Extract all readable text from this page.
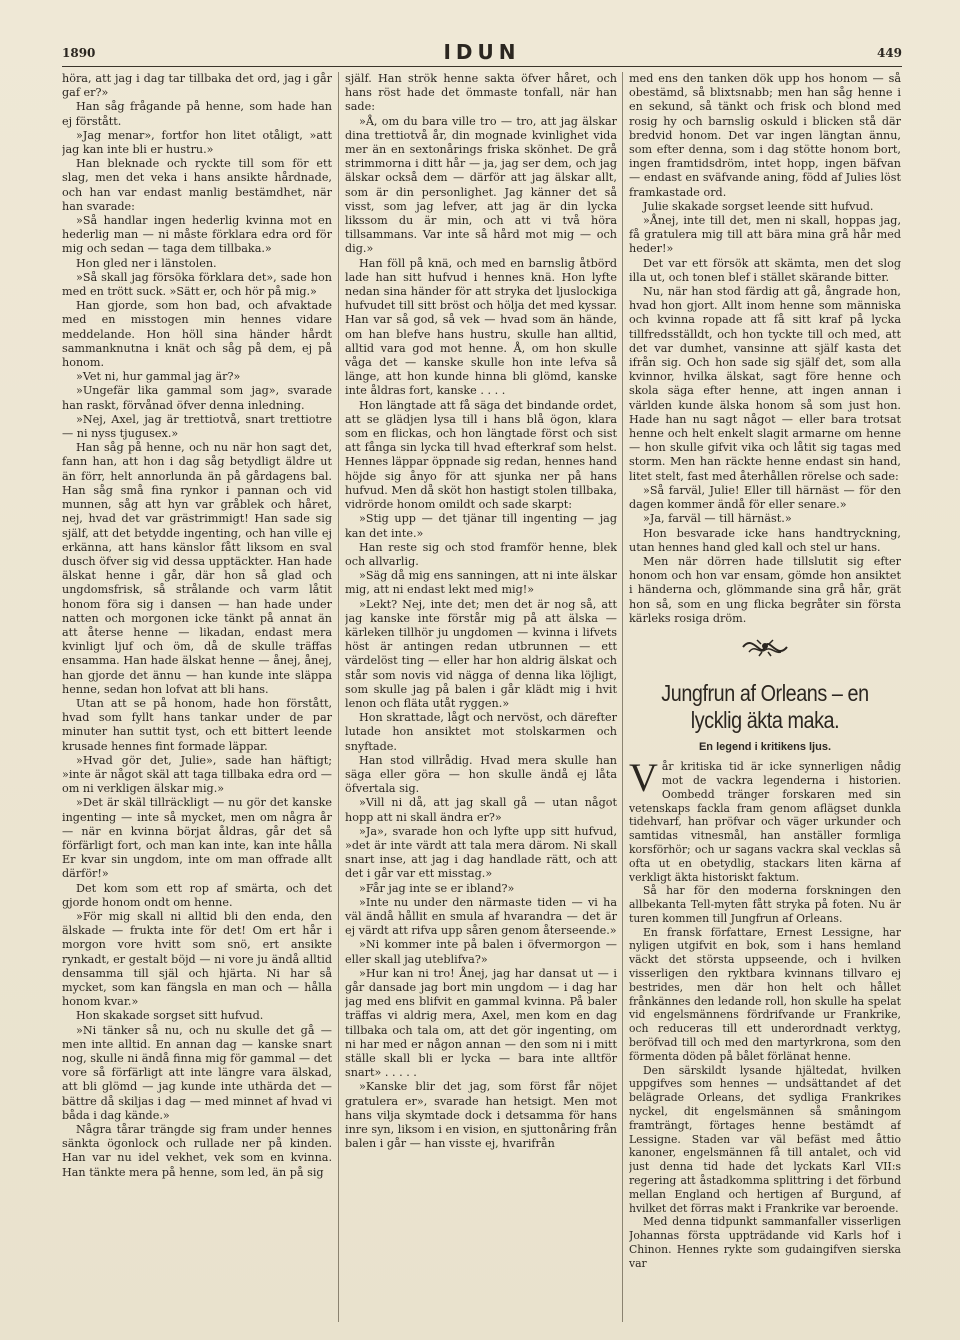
1890	IDUN	449

höra, att jag i dag tar tillbaka det ord, jag i går gaf er?»

Han såg frågande på henne, som hade han ej förstått.

»Jag menar», fortfor hon litet otåligt, »att jag kan inte bli er hustru.»

Han bleknade och ryckte till som för ett slag, men det veka i hans ansikte hårdnade, och han var endast manlig bestämdhet, när han svarade:

»Så handlar ingen hederlig kvinna mot en hederlig man — ni måste förklara edra ord för mig och sedan — taga dem tillbaka.»

Hon gled ner i länstolen.

»Så skall jag försöka förklara det», sade hon med en trött suck. »Sätt er, och hör på mig.»

Han gjorde, som hon bad, och afvaktade med en misstogen min hennes vidare meddelande. Hon höll sina händer hårdt sammanknutna i knät och såg på dem, ej på honom.

»Vet ni, hur gammal jag är?»

»Ungefär lika gammal som jag», svarade han raskt, förvånad öfver denna inledning.

»Nej, Axel, jag är trettiotvå, snart trettiotre — ni nyss tjugusex.»

Han såg på henne, och nu när hon sagt det, fann han, att hon i dag såg betydligt äldre ut än förr, helt annorlunda än på gårdagens bal. Han såg små fina rynkor i pannan och vid munnen, såg att hyn var gråblek och håret, nej, hvad det var grästrimmigt! Han sade sig själf, att det betydde ingenting, och han ville ej erkänna, att hans känslor fått liksom en sval dusch öfver sig vid dessa upptäckter. Han hade älskat henne i går, där hon så glad och ungdomsfrisk, så strålande och varm låtit honom föra sig i dansen — han hade under natten och morgonen icke tänkt på annat än att återse henne — likadan, endast mera kvinligt ljuf och öm, då de skulle träffas ensamma. Han hade älskat henne — ånej, ånej, han gjorde det ännu — han kunde inte släppa henne, sedan hon lofvat att bli hans.

Utan att se på honom, hade hon förstått, hvad som fyllt hans tankar under de par minuter han suttit tyst, och ett bittert leende krusade hennes fint formade läppar.

»Hvad gör det, Julie», sade han häftigt; »inte är något skäl att taga tillbaka edra ord — om ni verkligen älskar mig.»

»Det är skäl tillräckligt — nu gör det kanske ingenting — inte så mycket, men om några år — när en kvinna börjat åldras, går det så förfärligt fort, och man kan inte, kan inte hålla Er kvar sin ungdom, inte om man offrade allt därför!»

Det kom som ett rop af smärta, och det gjorde honom ondt om henne.

»För mig skall ni alltid bli den enda, den älskade — frukta inte för det! Om ert hår i morgon vore hvitt som snö, ert ansikte rynkadt, er gestalt böjd — ni vore ju ändå alltid densamma till själ och hjärta. Ni har så mycket, som kan fängsla en man och — hålla honom kvar.»

Hon skakade sorgset sitt hufvud.

»Ni tänker så nu, och nu skulle det gå — men inte alltid. En annan dag — kanske snart nog, skulle ni ändå finna mig för gammal — det vore så förfärligt att inte längre vara älskad, att bli glömd — jag kunde inte uthärda det — bättre då skiljas i dag — med minnet af hvad vi båda i dag kände.»

Några tårar trängde sig fram under hennes sänkta ögonlock och rullade ner på kinden. Han var nu idel vekhet, vek som en kvinna. Han tänkte mera på henne, som led, än på sig

själf. Han strök henne sakta öfver håret, och hans röst hade det ömmaste tonfall, när han sade:

»Å, om du bara ville tro — tro, att jag älskar dina trettiotvå år, din mognade kvinlighet vida mer än en sextonårings friska skönhet. De grå strimmorna i ditt hår — ja, jag ser dem, och jag älskar också dem — därför att jag älskar allt, som är din personlighet. Jag känner det så visst, som jag lefver, att jag är din lycka likssom du är min, och att vi två höra tillsammans. Var inte så hård mot mig — och dig.»

Han föll på knä, och med en barnslig åtbörd lade han sitt hufvud i hennes knä. Hon lyfte nedan sina händer för att stryka det ljuslockiga hufvudet till sitt bröst och hölja det med kyssar. Han var så god, så vek — hvad som än hände, om han blefve hans hustru, skulle han alltid, alltid vara god mot henne. Å, om hon skulle våga det — kanske skulle hon inte lefva så länge, att hon kunde hinna bli glömd, kanske inte åldras fort, kanske . . . .

Hon längtade att få säga det bindande ordet, att se glädjen lysa till i hans blå ögon, klara som en flickas, och hon längtade först och sist att fånga sin lycka till hvad efterkraf som helst. Hennes läppar öppnade sig redan, hennes hand höjde sig ånyo för att sjunka ner på hans hufvud. Men då sköt hon hastigt stolen tillbaka, vidrörde honom omildt och sade skarpt:

»Stig upp — det tjänar till ingenting — jag kan det inte.»

Han reste sig och stod framför henne, blek och allvarlig.

»Säg då mig ens sanningen, att ni inte älskar mig, att ni endast lekt med mig!»

»Lekt? Nej, inte det; men det är nog så, att jag kanske inte förstår mig på att älska — kärleken tillhör ju ungdomen — kvinna i lifvets höst är antingen redan utbrunnen — ett värdelöst ting — eller har hon aldrig älskat och står som novis vid nägga of denna lika löjligt, som skulle jag på balen i går klädt mig i hvit lenon och fläta utåt ryggen.»

Hon skrattade, lågt och nervöst, och därefter lutade hon ansiktet mot stolskarmen och snyftade.

Han stod villrådig. Hvad mera skulle han säga eller göra — hon skulle ändå ej låta öfvertala sig.

»Vill ni då, att jag skall gå — utan något hopp att ni skall ändra er?»

»Ja», svarade hon och lyfte upp sitt hufvud, »det är inte värdt att tala mera därom. Ni skall snart inse, att jag i dag handlade rätt, och att det i går var ett misstag.»

»Får jag inte se er ibland?»

»Inte nu under den närmaste tiden — vi ha väl ändå hållit en smula af hvarandra — det är ej värdt att rifva upp såren genom återseende.»

»Ni kommer inte på balen i öfvermorgon — eller skall jag uteblifva?»

»Hur kan ni tro! Ånej, jag har dansat ut — i går dansade jag bort min ungdom — i dag har jag med ens blifvit en gammal kvinna. På baler träffas vi aldrig mera, Axel, men kom en dag tillbaka och tala om, att det gör ingenting, om ni har med er någon annan — den som ni i mitt ställe skall bli er lycka — bara inte alltför snart» . . . . .

»Kanske blir det jag, som först får nöjet gratulera er», svarade han hetsigt. Men mot hans vilja skymtade dock i detsamma för hans inre syn, liksom i en vision, en sjuttonåring från balen i går — han visste ej, hvarifrån

med ens den tanken dök upp hos honom — så obestämd, så blixtsnabb; men han såg henne i en sekund, så tänkt och frisk och blond med rosig hy och barnslig oskuld i blicken stå där bredvid honom. Det var ingen längtan ännu, som efter denna, som i dag stötte honom bort, ingen framtidsdröm, intet hopp, ingen bäfvan — endast en sväfvande aning, född af Julies löst framkastade ord.

Julie skakade sorgset leende sitt hufvud.

»Ånej, inte till det, men ni skall, hoppas jag, få gratulera mig till att bära mina grå hår med heder!»

Det var ett försök att skämta, men det slog illa ut, och tonen blef i stället skärande bitter.

Nu, när han stod färdig att gå, ångrade hon, hvad hon gjort. Allt inom henne som människa och kvinna ropade att få sitt kraf på lycka tillfredsställdt, och hon tyckte till och med, att det var dumhet, vansinne att själf kasta det ifrån sig. Och hon sade sig själf det, som alla kvinnor, hvilka älskat, sagt före henne och skola säga efter henne, att ingen annan i världen kunde älska honom så som just hon. Hade han nu sagt något — eller bara trotsat henne och helt enkelt slagit armarne om henne — hon skulle gifvit vika och låtit sig tagas med storm. Men han räckte henne endast sin hand, litet stelt, fast med återhållen rörelse och sade:

»Så farväl, Julie! Eller till härnäst — för den dagen kommer ändå för eller senare.»

»Ja, farväl — till härnäst.»

Hon besvarade icke hans handtryckning, utan hennes hand gled kall och stel ur hans.

Men när dörren hade tillslutit sig efter honom och hon var ensam, gömde hon ansiktet i händerna och, glömmande sina grå hår, grät hon så, som en ung flicka begråter sin första kärleks rosiga dröm.

Jungfrun af Orleans – en lycklig äkta maka.
En legend i kritikens ljus.

Vår kritiska tid är icke synnerligen nådig mot de vackra legenderna i historien. Oombedd tränger forskaren med sin vetenskaps fackla fram genom aflägset dunkla tidehvarf, han pröfvar och väger urkunder och samtidas vitnesmål, han anställer formliga korsförhör; och ur sagans vackra skal vecklas så ofta ut en obetydlig, stackars liten kärna af verkligt äkta historiskt faktum.

Så har för den moderna forskningen den allbekanta Tell-myten fått stryka på foten. Nu är turen kommen till Jungfrun af Orleans.

En fransk författare, Ernest Lessigne, har nyligen utgifvit en bok, som i hans hemland väckt det största uppseende, och i hvilken visserligen den ryktbara kvinnans tillvaro ej bestrides, men där hon helt och hållet frånkännes den ledande roll, hon skulle ha spelat vid engelsmännens fördrifvande ur Frankrike, och reduceras till ett underordnadt verktyg, beröfvad till och med den martyrkrona, som den förmenta döden på bålet förlänat henne.

Den särskildt lysande hjältedat, hvilken uppgifves som hennes — undsättandet af det belägrade Orleans, det sydliga Frankrikes nyckel, dit engelsmännen så småningom framträngt, förtages henne bestämdt af Lessigne. Staden var väl befäst med åttio kanoner, engelsmännen få till antalet, och vid just denna tid hade det lyckats Karl VII:s regering att åstadkomma splittring i det förbund mellan England och hertigen af Burgund, af hvilket det förras makt i Frankrike var beroende.

Med denna tidpunkt sammanfaller visserligen Johannas första uppträdande vid Karls hof i Chinon. Hennes rykte som gudaingifven sierska var
